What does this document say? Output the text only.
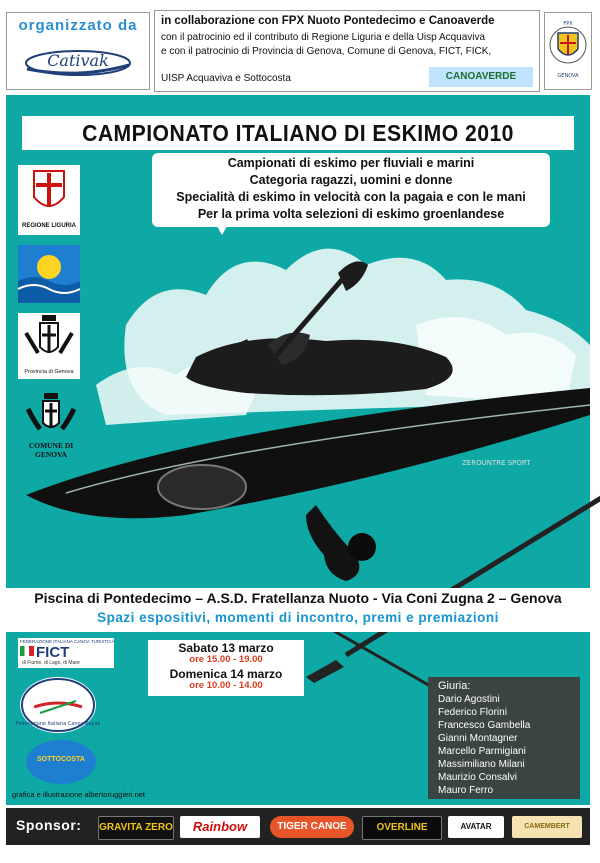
organizzato da
Cativak

in collaborazione con FPX Nuoto Pontedecimo e Canoaverde

con il patrocinio ed il contributo di Regione Liguria e della Uisp Acquaviva

e con il patrocinio di Provincia di Genova, Comune di Genova, FICT, FICK,

UISP Acquaviva e Sottocosta	CANOAVERDE
FPX
GENOVA
ZEROUNTRE SPORT
CAMPIONATO ITALIANO DI ESKIMO 2010

Campionati di eskimo per fluviali e marini

Categoria ragazzi, uomini e donne

Specialità di eskimo in velocità con la pagaia e con le mani

Per la prima volta selezioni di eskimo groenlandese

REGIONE LIGURIA
Provincia di Genova
COMUNE DI GENOVA
Piscina di Pontedecimo – A.S.D. Fratellanza Nuoto - Via Coni Zugna 2 – Genova
Spazi espositivi, momenti di incontro, premi e premiazioni
FEDERAZIONE ITALIANA CANOA TURISTICA
FICT
di Fiume, di Lago, di Mare
Federazione Italiana Canoa Kayak
SOTTOCOSTA
grafica e illustrazione albertoruggieri.net

Sabato 13 marzo

ore 15.00 - 19.00

Domenica 14 marzo

ore 10.00 - 14.00	Giuria:

Dario Agostini

Federico Florini

Francesco Gambella

Gianni Montagner

Marcello Parmigiani

Massimiliano Milani

Maurizio Consalvi

Mauro Ferro

Sponsor: GRAVITA ZERO	Rainbow	TIGER CANOE	OVERLINE	AVATAR	CAMEMBERT
